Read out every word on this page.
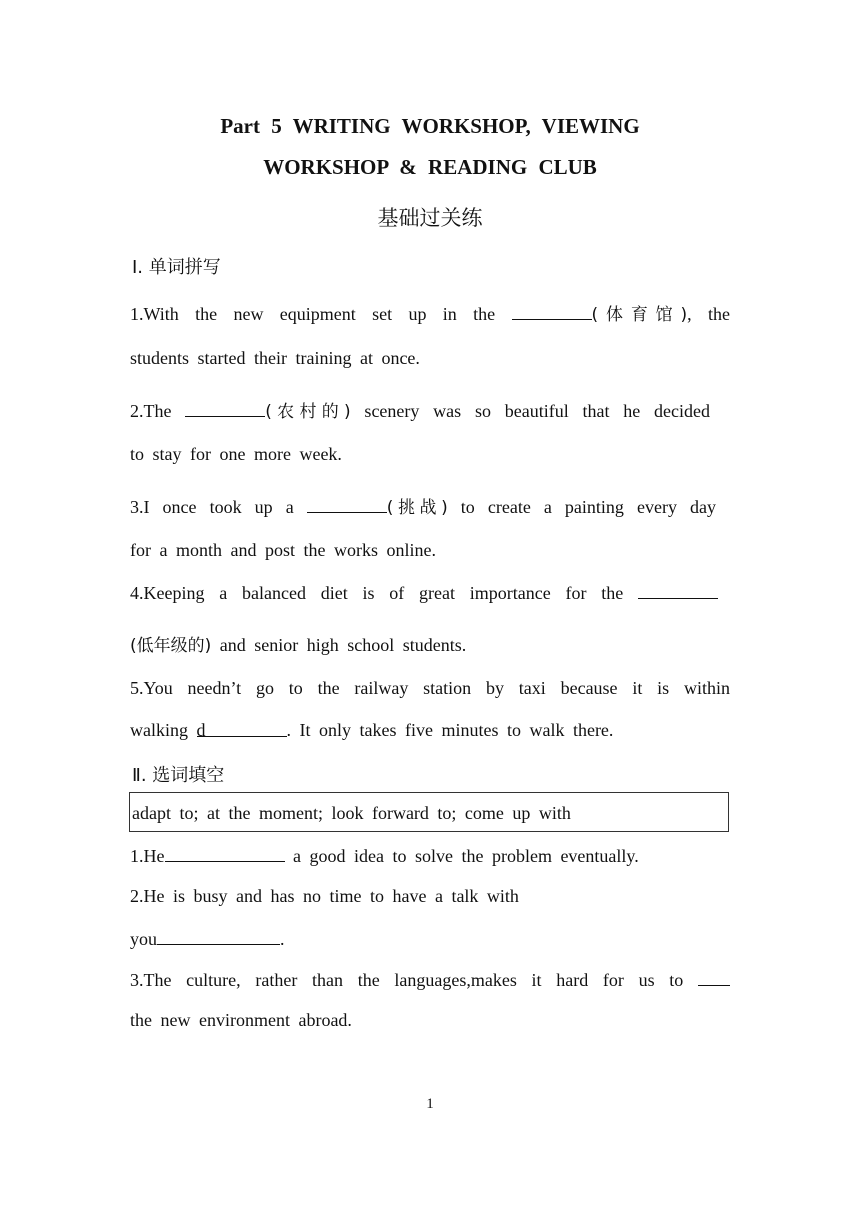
Part 5 WRITING WORKSHOP, VIEWING
WORKSHOP & READING CLUB
基础过关练
Ⅰ. 单词拼写
1.With the new equipment set up in the	(体育馆), the
students started their training at once.
2.The	(农村的) scenery was so beautiful that he decided
to stay for one more week.
3.I once took up a	(挑战) to create a painting every day
for a month and post the works online.
4.Keeping a balanced diet is of great importance for the
(低年级的) and senior high school students.
5.You needn’t go to the railway station by taxi because it is within
walking d	. It only takes five minutes to walk there.
Ⅱ. 选词填空
adapt to; at the moment; look forward to; come up with
1.He	a good idea to solve the problem eventually.
2.He is busy and has no time to have a talk with
you	.
3.The culture, rather than the languages,makes it hard for us to
the new environment abroad.
1
